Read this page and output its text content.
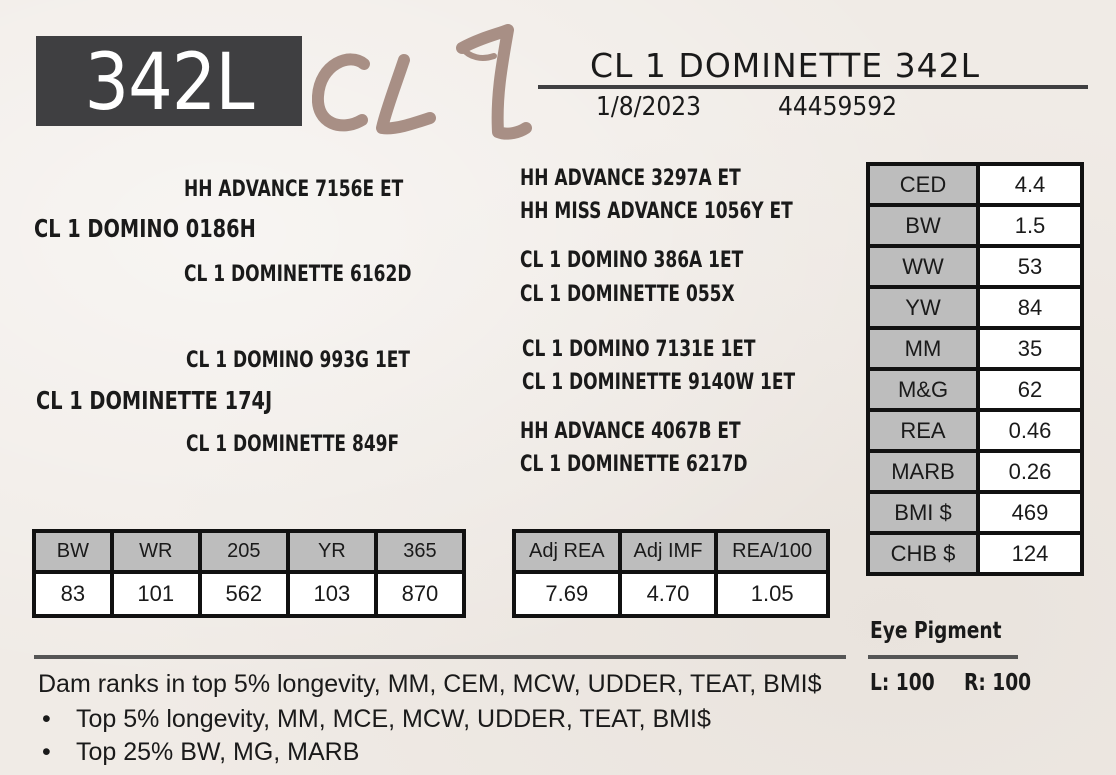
342L	CL 1 DOMINETTE 342L
1/8/2023	44459592
HH ADVANCE 7156E ET
CL 1 DOMINO 0186H
CL 1 DOMINETTE 6162D
HH ADVANCE 3297A ET
HH MISS ADVANCE 1056Y ET
CL 1 DOMINO 386A 1ET
CL 1 DOMINETTE 055X
CL 1 DOMINO 993G 1ET
CL 1 DOMINETTE 174J
CL 1 DOMINETTE 849F
CL 1 DOMINO 7131E 1ET
CL 1 DOMINETTE 9140W 1ET
HH ADVANCE 4067B ET
CL 1 DOMINETTE 6217D
CED	4.4
BW	1.5
WW	53
YW	84
MM	35
M&G	62
REA	0.46
MARB	0.26
BMI $	469
CHB $	124
BW	WR	205	YR	365
83	101	562	103	870
Adj REA	Adj IMF	REA/100
7.69	4.70	1.05
Eye Pigment
L: 100 R: 100
Dam ranks in top 5% longevity, MM, CEM, MCW, UDDER, TEAT, BMI$
• Top 5% longevity, MM, MCE, MCW, UDDER, TEAT, BMI$
• Top 25% BW, MG, MARB
